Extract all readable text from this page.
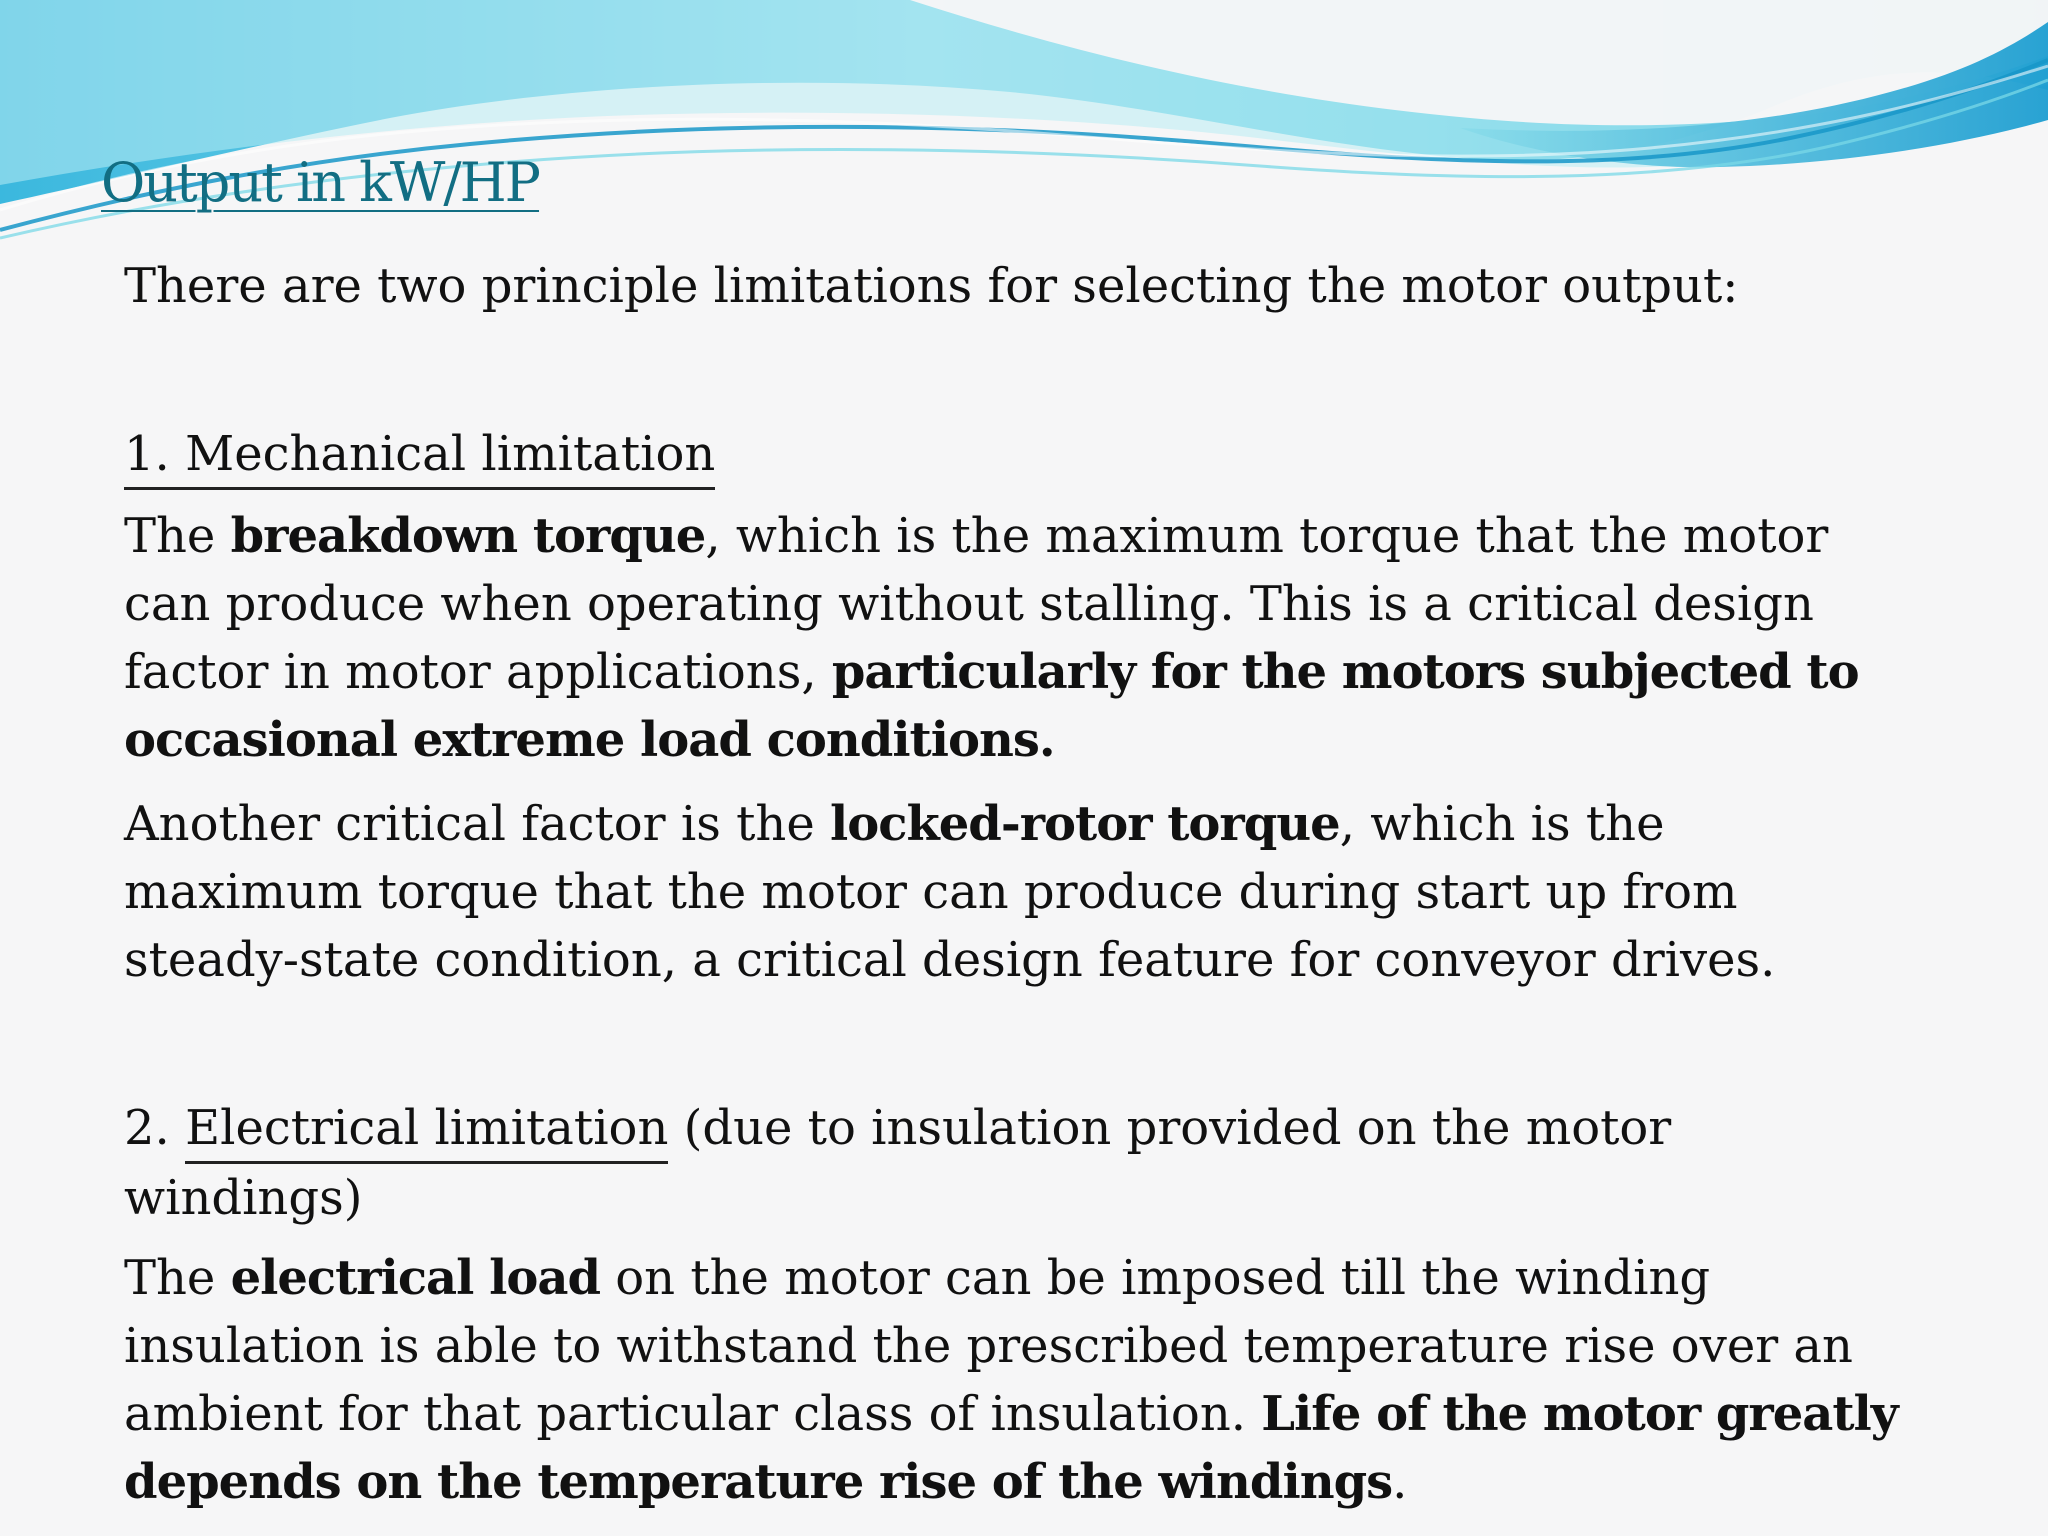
Output in kW/HP

There are two principle limitations for selecting the motor output:

1. Mechanical limitation

The breakdown torque, which is the maximum torque that the motor can produce when operating without stalling. This is a critical design factor in motor applications, particularly for the motors subjected to occasional extreme load conditions.

Another critical factor is the locked-rotor torque, which is the maximum torque that the motor can produce during start up from steady-state condition, a critical design feature for conveyor drives.

2. Electrical limitation (due to insulation provided on the motor windings)

The electrical load on the motor can be imposed till the winding insulation is able to withstand the prescribed temperature rise over an ambient for that particular class of insulation. Life of the motor greatly depends on the temperature rise of the windings.
